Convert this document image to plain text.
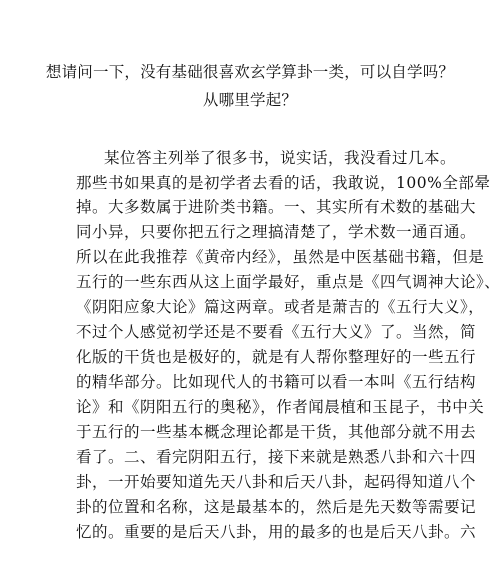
想请问一下，没有基础很喜欢玄学算卦一类，可以自学吗？
从哪里学起？
某位答主列举了很多书，说实话，我没看过几本。
那些书如果真的是初学者去看的话，我敢说，100%全部晕
掉。大多数属于进阶类书籍。一、其实所有术数的基础大
同小异，只要你把五行之理搞清楚了，学术数一通百通。
所以在此我推荐《黄帝内经》，虽然是中医基础书籍，但是
五行的一些东西从这上面学最好，重点是《四气调神大论》、
《阴阳应象大论》篇这两章。或者是萧吉的《五行大义》，
不过个人感觉初学还是不要看《五行大义》了。当然，简
化版的干货也是极好的，就是有人帮你整理好的一些五行
的精华部分。比如现代人的书籍可以看一本叫《五行结构
论》和《阴阳五行的奥秘》，作者闻晨植和玉昆子，书中关
于五行的一些基本概念理论都是干货，其他部分就不用去
看了。二、看完阴阳五行，接下来就是熟悉八卦和六十四
卦，一开始要知道先天八卦和后天八卦，起码得知道八个
卦的位置和名称，这是最基本的，然后是先天数等需要记
忆的。重要的是后天八卦，用的最多的也是后天八卦。六
